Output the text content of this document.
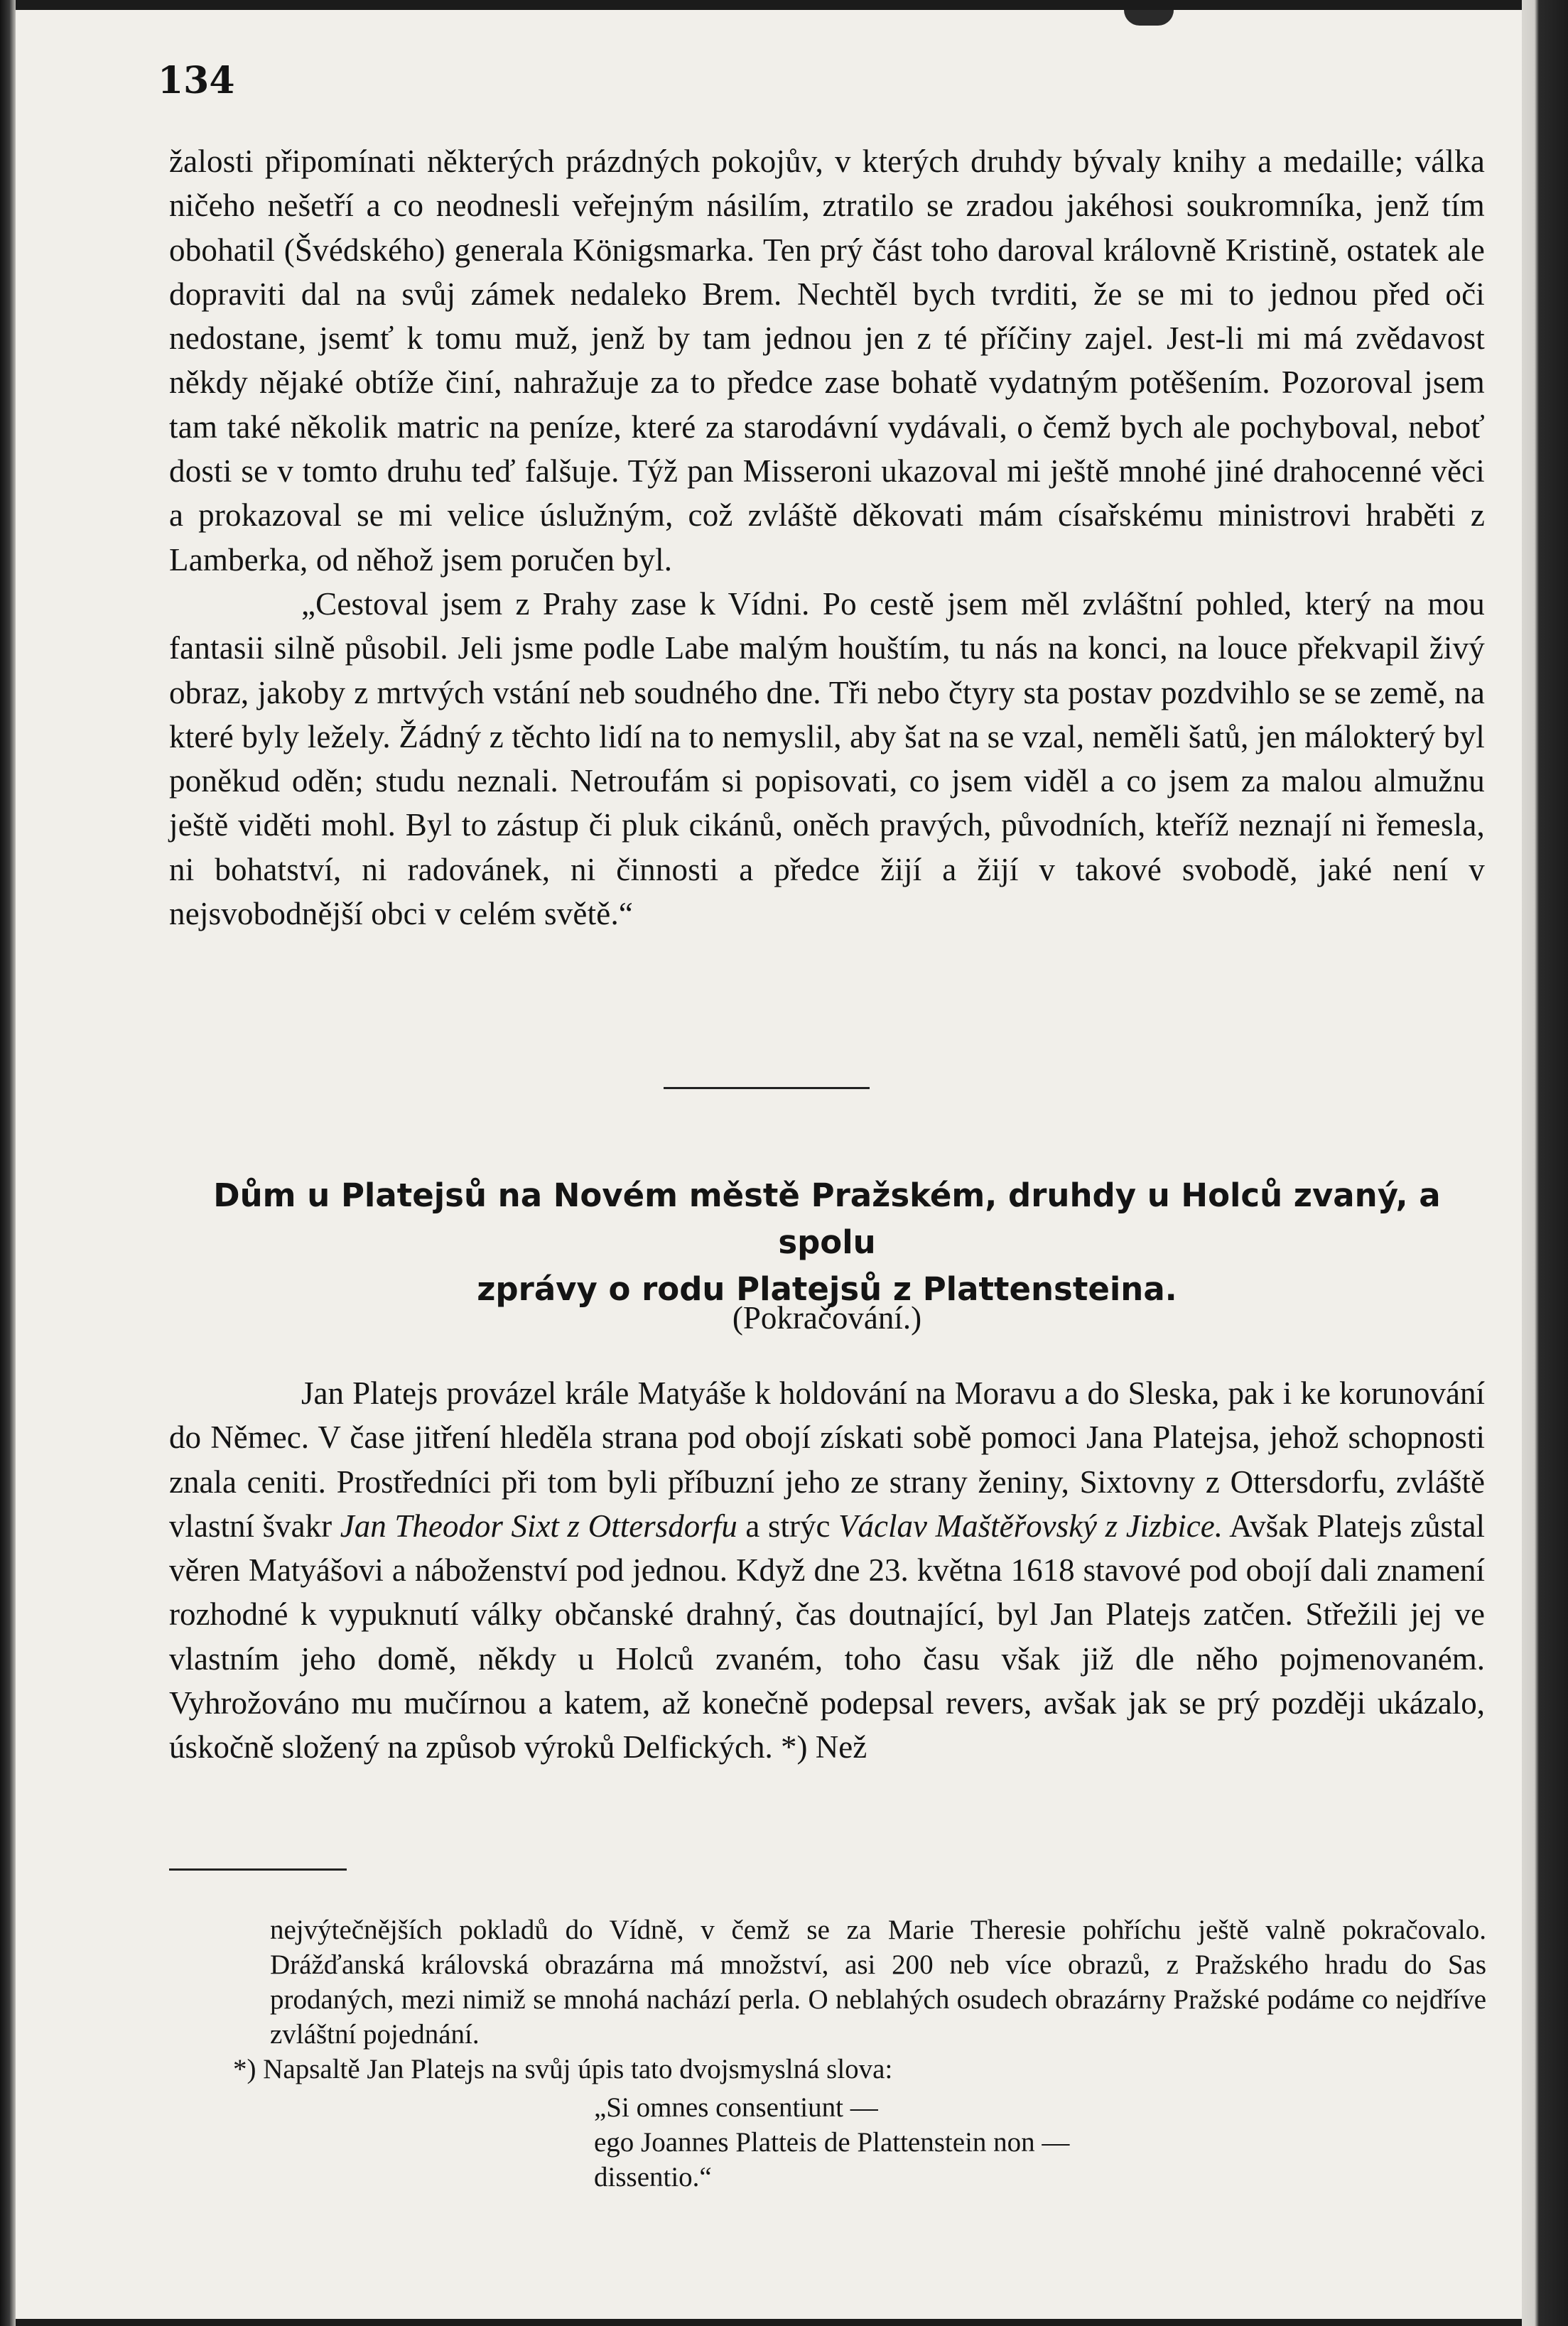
134

žalosti připomínati některých prázdných pokojův, v kterých druhdy bývaly knihy a medaille; válka ničeho nešetří a co neodnesli veřejným násilím, ztratilo se zradou jakéhosi soukromníka, jenž tím obohatil (Švédského) generala Königsmarka. Ten prý část toho daroval královně Kristině, ostatek ale dopraviti dal na svůj zámek nedaleko Brem. Nechtěl bych tvrditi, že se mi to jednou před oči nedostane, jsemť k tomu muž, jenž by tam jednou jen z té příčiny zajel. Jest-li mi má zvědavost někdy nějaké obtíže činí, nahražuje za to předce zase bohatě vydatným potěšením. Pozoroval jsem tam také několik matric na peníze, které za starodávní vydávali, o čemž bych ale pochyboval, neboť dosti se v tomto druhu teď falšuje. Týž pan Misseroni ukazoval mi ještě mnohé jiné drahocenné věci a prokazoval se mi velice úslužným, což zvláště děkovati mám císařskému ministrovi hraběti z Lamberka, od něhož jsem poručen byl.

„Cestoval jsem z Prahy zase k Vídni. Po cestě jsem měl zvláštní pohled, který na mou fantasii silně působil. Jeli jsme podle Labe malým houštím, tu nás na konci, na louce překvapil živý obraz, jakoby z mrtvých vstání neb soudného dne. Tři nebo čtyry sta postav pozdvihlo se se země, na které byly ležely. Žádný z těchto lidí na to nemyslil, aby šat na se vzal, neměli šatů, jen málokterý byl poněkud oděn; studu neznali. Netroufám si popisovati, co jsem viděl a co jsem za malou almužnu ještě viděti mohl. Byl to zástup či pluk cikánů, oněch pravých, původních, kteříž neznají ni řemesla, ni bohatství, ni radovánek, ni činnosti a předce žijí a žijí v takové svobodě, jaké není v nejsvobodnější obci v celém světě.“

Dům u Platejsů na Novém městě Pražském, druhdy u Holců zvaný, a spolu
zprávy o rodu Platejsů z Plattensteina.

(Pokračování.)

Jan Platejs provázel krále Matyáše k holdování na Moravu a do Sleska, pak i ke korunování do Němec. V čase jitření hleděla strana pod obojí získati sobě pomoci Jana Platejsa, jehož schopnosti znala ceniti. Prostředníci při tom byli příbuzní jeho ze strany ženiny, Sixtovny z Ottersdorfu, zvláště vlastní švakr Jan Theodor Sixt z Ottersdorfu a strýc Václav Maštěřovský z Jizbice. Avšak Platejs zůstal věren Matyášovi a náboženství pod jednou. Když dne 23. května 1618 stavové pod obojí dali znamení rozhodné k vypuknutí války občanské drahný, čas doutnající, byl Jan Platejs zatčen. Střežili jej ve vlastním jeho domě, někdy u Holců zvaném, toho času však již dle něho pojmenovaném. Vyhrožováno mu mučírnou a katem, až konečně podepsal revers, avšak jak se prý později ukázalo, úskočně složený na způsob výroků Delfických. *) Než

nejvýtečnějších pokladů do Vídně, v čemž se za Marie Theresie pohříchu ještě valně pokračovalo. Drážďanská královská obrazárna má množství, asi 200 neb více obrazů, z Pražského hradu do Sas prodaných, mezi nimiž se mnohá nachází perla. O neblahých osudech obrazárny Pražské podáme co nejdříve zvláštní pojednání.

*) Napsaltě Jan Platejs na svůj úpis tato dvojsmyslná slova:

„Si omnes consentiunt —
ego Joannes Platteis de Plattenstein non —
dissentio.“
